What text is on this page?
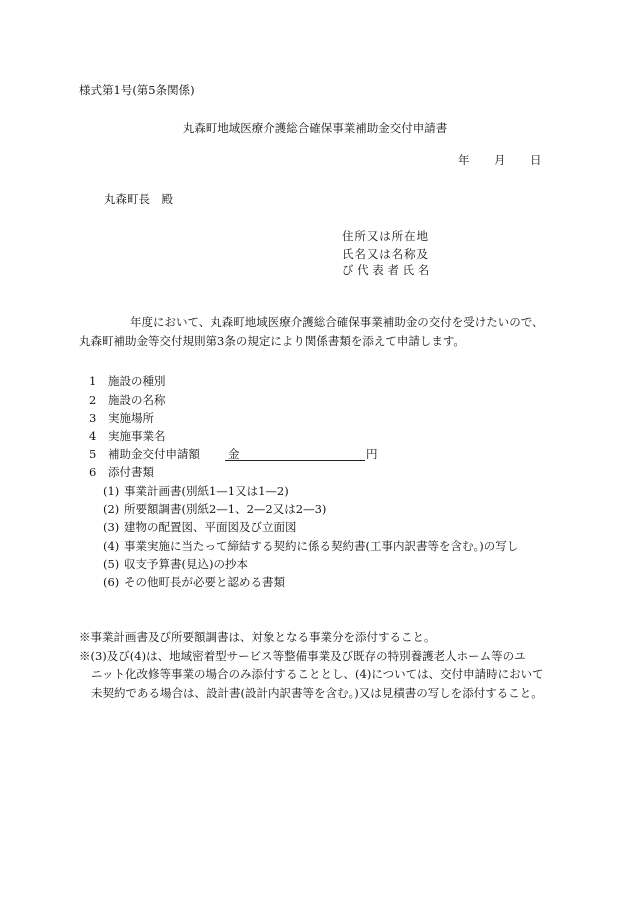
様式第1号(第5条関係)
丸森町地域医療介護総合確保事業補助金交付申請書
年 月 日
丸森町長　殿
住所又は所在地
氏名又は名称及
び 代 表 者 氏 名
年度において、丸森町地域医療介護総合確保事業補助金の交付を受けたいので、
丸森町補助金等交付規則第3条の規定により関係書類を添えて申請します。
1 施設の種別
2 施設の名称
3 実施場所
4 実施事業名
5 補助金交付申請額 金	円
6 添付書類
(1) 事業計画書(別紙1—1又は1—2)
(2) 所要額調書(別紙2—1、2—2又は2—3)
(3) 建物の配置図、平面図及び立面図
(4) 事業実施に当たって締結する契約に係る契約書(工事内訳書等を含む。)の写し
(5) 収支予算書(見込)の抄本
(6) その他町長が必要と認める書類
※事業計画書及び所要額調書は、対象となる事業分を添付すること。
※(3)及び(4)は、地域密着型サービス等整備事業及び既存の特別養護老人ホーム等のユ
ニット化改修等事業の場合のみ添付することとし、(4)については、交付申請時において
未契約である場合は、設計書(設計内訳書等を含む。)又は見積書の写しを添付すること。
